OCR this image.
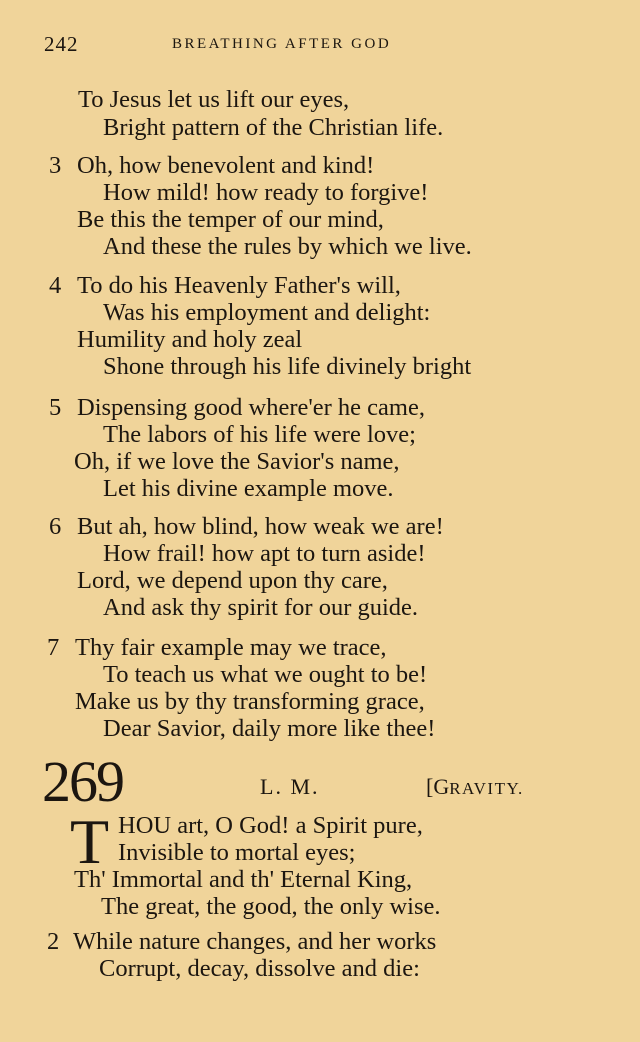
242	BREATHING AFTER GOD
To Jesus let us lift our eyes,
Bright pattern of the Christian life.
3 Oh, how benevolent and kind!
How mild! how ready to forgive!
Be this the temper of our mind,
And these the rules by which we live.
4 To do his Heavenly Father's will,
Was his employment and delight:
Humility and holy zeal
Shone through his life divinely bright
5 Dispensing good where'er he came,
The labors of his life were love;
Oh, if we love the Savior's name,
Let his divine example move.
6 But ah, how blind, how weak we are!
How frail! how apt to turn aside!
Lord, we depend upon thy care,
And ask thy spirit for our guide.
7 Thy fair example may we trace,
To teach us what we ought to be!
Make us by thy transforming grace,
Dear Savior, daily more like thee!
269	L. M.	[GRAVITY.
T HOU art, O God! a Spirit pure,
Invisible to mortal eyes;
Th' Immortal and th' Eternal King,
The great, the good, the only wise.
2 While nature changes, and her works
Corrupt, decay, dissolve and die:
